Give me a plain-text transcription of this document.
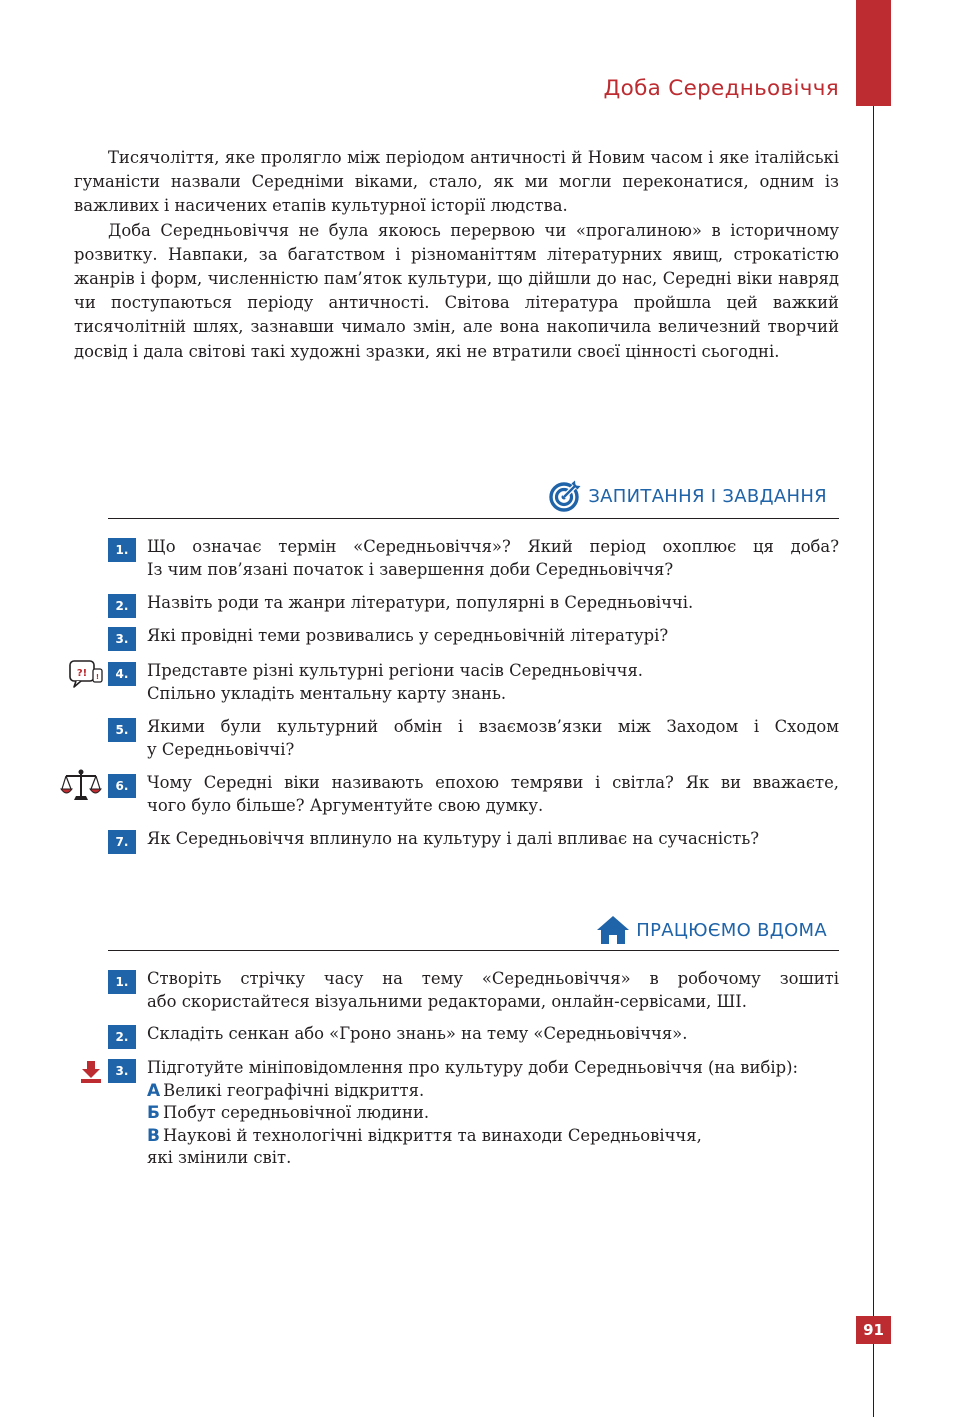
Доба Середньовіччя

Тисячоліття, яке пролягло між періодом античності й Новим часом і яке італійські гуманісти назвали Середніми віками, стало, як ми могли переконатися, одним із важливих і насичених етапів культурної історії людства.

Доба Середньовіччя не була якоюсь перервою чи «прогалиною» в історичному розвитку. Навпаки, за багатством і різноманіттям літературних явищ, строкатістю жанрів і форм, численністю пам’яток культури, що дійшли до нас, Середні віки навряд чи поступаються періоду античності. Світова література пройшла цей важкий тисячолітній шлях, зазнавши чимало змін, але вона накопичила величезний творчий досвід і дала світові такі художні зразки, які не втратили своєї цінності сьогодні.

ЗАПИТАННЯ І ЗАВДАННЯ
1.	Що означає термін «Середньовіччя»? Який період охоплює ця доба?
Із чим пов’язані початок і завершення доби Середньовіччя?
2.	Назвіть роди та жанри літератури, популярні в Середньовіччі.
3.	Які провідні теми розвивались у середньовічній літературі?
4.	Представте різні культурні регіони часів Середньовіччя.
Спільно укладіть ментальну карту знань.
5.	Якими були культурний обмін і взаємозв’язки між Заходом і Сходом
у Середньовіччі?
6.	Чому Середні віки називають епохою темряви і світла? Як ви вважаєте,
чого було більше? Аргументуйте свою думку.
7.	Як Середньовіччя вплинуло на культуру і далі впливає на сучасність?
?! !
ПРАЦЮЄМО ВДОМА
1.	Створіть стрічку часу на тему «Середньовіччя» в робочому зошиті
або скористайтеся візуальними редакторами, онлайн-сервісами, ШІ.
2.	Складіть сенкан або «Гроно знань» на тему «Середньовіччя».
3.	Підготуйте мініповідомлення про культуру доби Середньовіччя (на вибір):
А Великі географічні відкриття.
Б Побут середньовічної людини.
В Наукові й технологічні відкриття та винаходи Середньовіччя,
які змінили світ.
91
